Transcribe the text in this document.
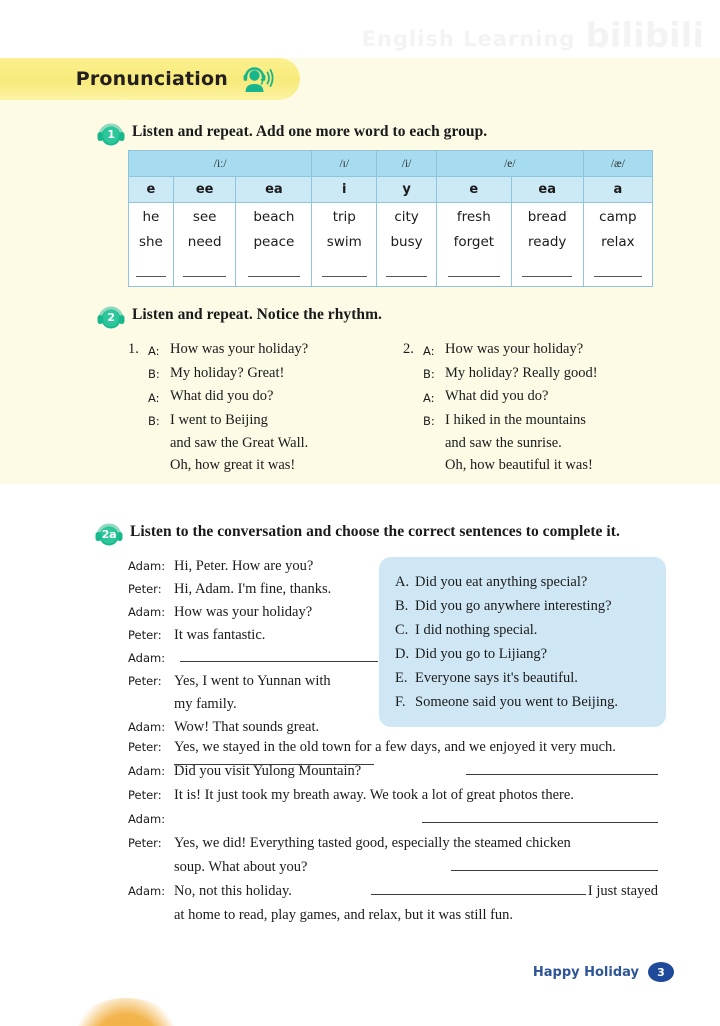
Pronunciation
1	Listen and repeat. Add one more word to each group.
/iː/			/ɪ/	/i/	/e/		/æ/
e	ee	ea	i	y	e	ea	a
he	see	beach	trip	city	fresh	bread	camp
she	need	peace	swim	busy	forget	ready	relax

2	Listen and repeat. Notice the rhythm.
1. A: How was your holiday?
B: My holiday? Great!
A: What did you do?
B: I went to Beijing
and saw the Great Wall.
Oh, how great it was!
2. A: How was your holiday?
B: My holiday? Really good!
A: What did you do?
B: I hiked in the mountains
and saw the sunrise.
Oh, how beautiful it was!
2a Listen to the conversation and choose the correct sentences to complete it.
Adam: Hi, Peter. How are you?
Peter: Hi, Adam. I'm fine, thanks.
Adam: How was your holiday?
Peter: It was fantastic.
Adam:
Peter: Yes, I went to Yunnan with
my family.
Adam: Wow! That sounds great.
A. Did you eat anything special?
B. Did you go anywhere interesting?
C. I did nothing special.
D. Did you go to Lijiang?
E. Everyone says it's beautiful.
F. Someone said you went to Beijing.
Peter: Yes, we stayed in the old town for a few days, and we enjoyed it very much.
Adam: Did you visit Yulong Mountain?
Peter: It is! It just took my breath away. We took a lot of great photos there.
Adam:
Peter: Yes, we did! Everything tasted good, especially the steamed chicken
soup. What about you?
Adam: No, not this holiday.	I just stayed
at home to read, play games, and relax, but it was still fun.
Happy Holiday	3
